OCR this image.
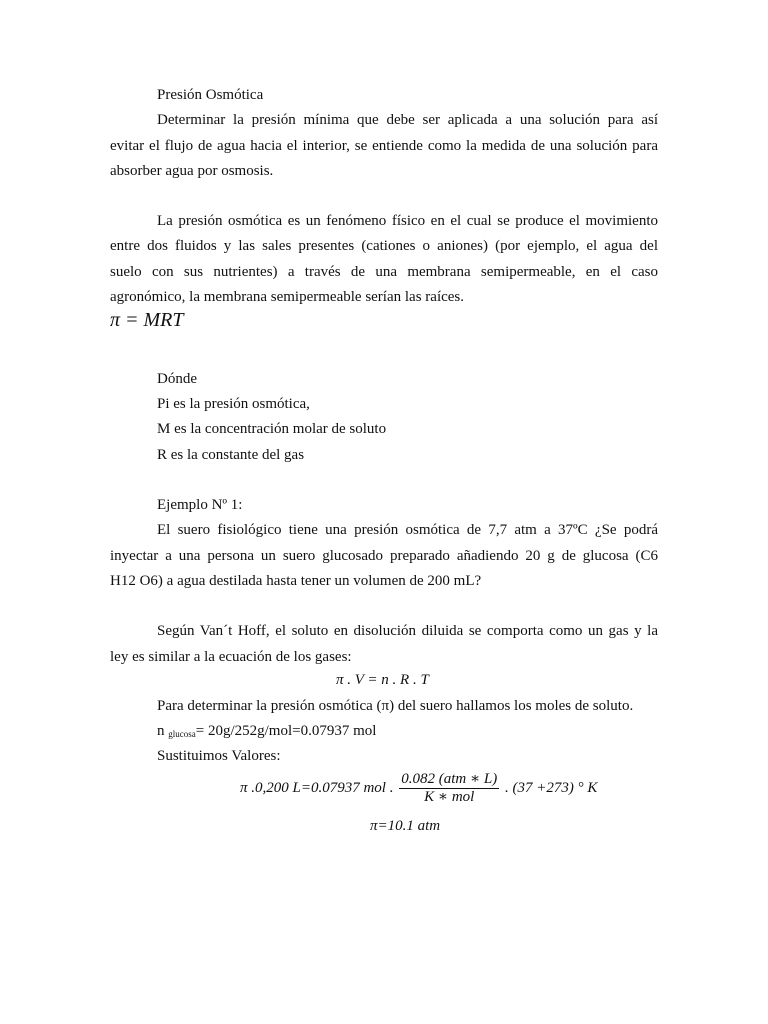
Presión Osmótica
Determinar la presión mínima que debe ser aplicada a una solución para así
evitar el flujo de agua hacia el interior, se entiende como la medida de una solución para
absorber agua por osmosis.
La presión osmótica es un fenómeno físico en el cual se produce el movimiento
entre dos fluidos y las sales presentes (cationes o aniones) (por ejemplo, el agua del
suelo con sus nutrientes) a través de una membrana semipermeable, en el caso
agronómico, la membrana semipermeable serían las raíces.
π = MRT
Dónde
Pi es la presión osmótica,
M es la concentración molar de soluto
R es la constante del gas
Ejemplo Nº 1:
El suero fisiológico tiene una presión osmótica de 7,7 atm a 37ºC ¿Se podrá
inyectar a una persona un suero glucosado preparado añadiendo 20 g de glucosa (C6
H12 O6) a agua destilada hasta tener un volumen de 200 mL?
Según Van´t Hoff, el soluto en disolución diluida se comporta como un gas y la
ley es similar a la ecuación de los gases:
π . V = n . R . T
Para determinar la presión osmótica (π) del suero hallamos los moles de soluto.
n $_{glucosa}$= 20g/252g/mol=0.07937 mol
Sustituimos Valores:
π .0,200 L=0.07937 mol . $\frac{\text{0.082 (atm ∗ L)}}{\text{K ∗ mol}}$ . (37 +273) ° K
π=10.1 atm
